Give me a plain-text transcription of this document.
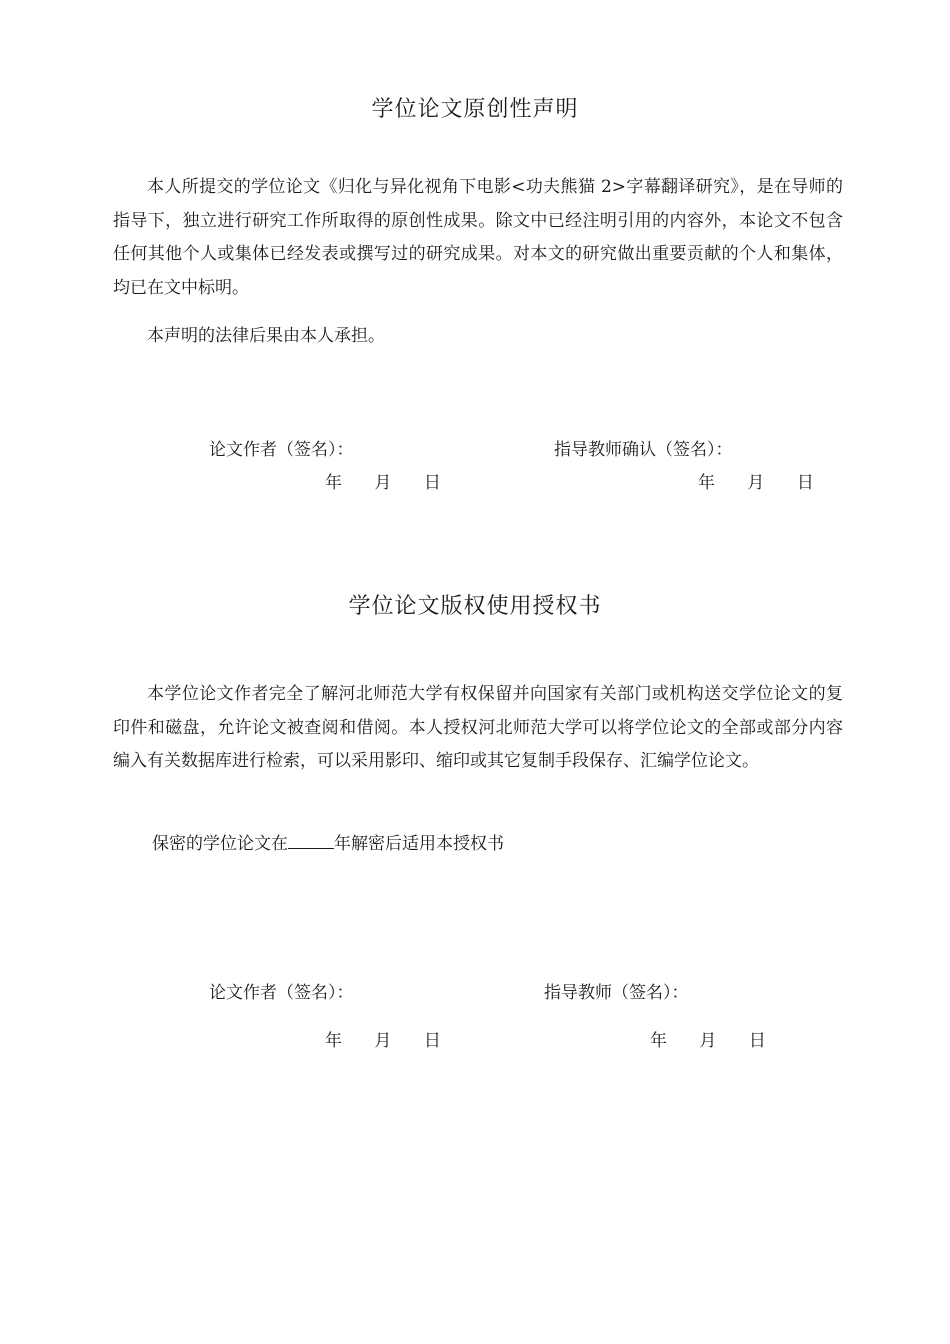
学位论文原创性声明

本人所提交的学位论文《归化与异化视角下电影<功夫熊猫 2>字幕翻译研究》，是在导师的指导下，独立进行研究工作所取得的原创性成果。除文中已经注明引用的内容外，本论文不包含任何其他个人或集体已经发表或撰写过的研究成果。对本文的研究做出重要贡献的个人和集体，均已在文中标明。

本声明的法律后果由本人承担。

论文作者（签名）：	指导教师确认（签名）：
年      月      日	年      月      日
学位论文版权使用授权书

本学位论文作者完全了解河北师范大学有权保留并向国家有关部门或机构送交学位论文的复印件和磁盘，允许论文被查阅和借阅。本人授权河北师范大学可以将学位论文的全部或部分内容编入有关数据库进行检索，可以采用影印、缩印或其它复制手段保存、汇编学位论文。

保密的学位论文在	年解密后适用本授权书
论文作者（签名）：	指导教师（签名）：
年      月      日	年      月      日
